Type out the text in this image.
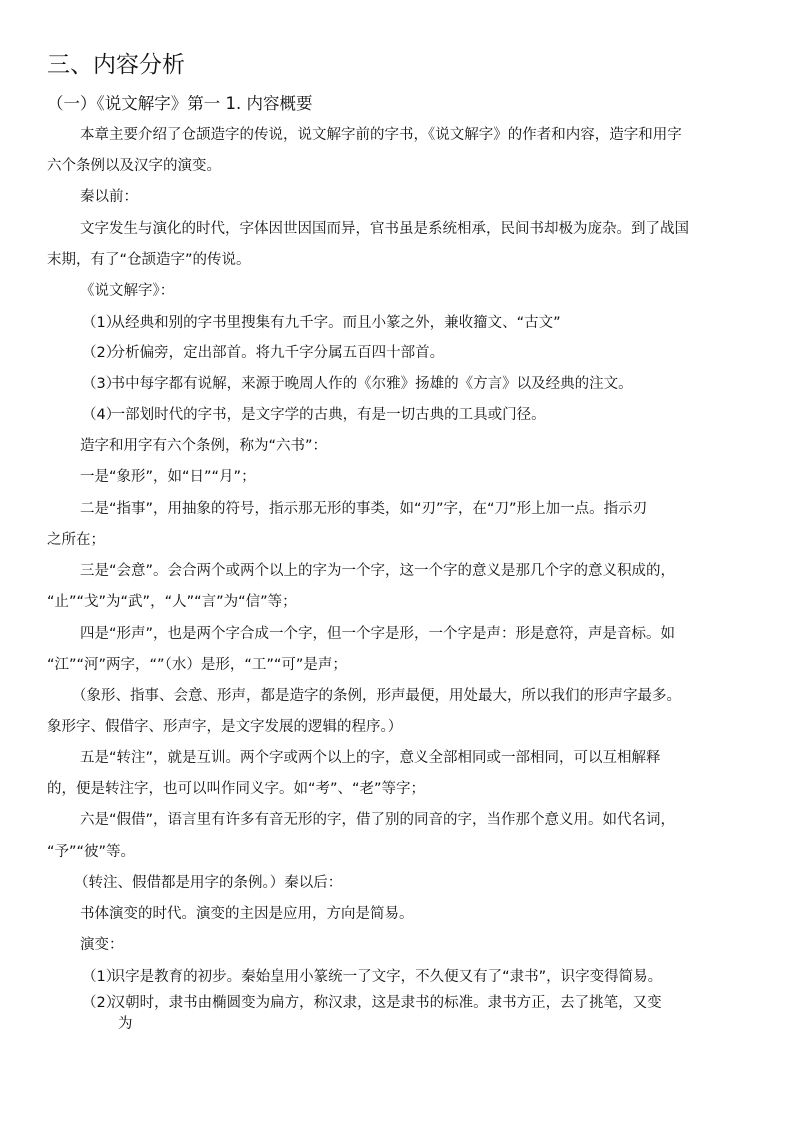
三、内容分析
（一）《说文解字》第一 1. 内容概要
本章主要介绍了仓颉造字的传说，说文解字前的字书，《说文解字》的作者和内容，造字和用字
六个条例以及汉字的演变。
秦以前：
文字发生与演化的时代，字体因世因国而异，官书虽是系统相承，民间书却极为庞杂。到了战国
末期，有了“仓颉造字”的传说。
《说文解字》：
（1） 从经典和别的字书里搜集有九千字。而且小篆之外，兼收籀文、“古文”
（2） 分析偏旁，定出部首。将九千字分属五百四十部首。
（3） 书中每字都有说解，来源于晚周人作的《尔雅》扬雄的《方言》以及经典的注文。
（4） 一部划时代的字书，是文字学的古典，有是一切古典的工具或门径。
造字和用字有六个条例，称为“六书”：
一是“象形”，如“日”“月”；
二是“指事”，用抽象的符号，指示那无形的事类，如“刃”字，在“刀”形上加一点。指示刃
之所在；
三是“会意”。会合两个或两个以上的字为一个字，这一个字的意义是那几个字的意义积成的，
“止”“戈”为“武”，“人”“言”为“信”等；
四是“形声”，也是两个字合成一个字，但一个字是形，一个字是声：形是意符，声是音标。如
“江”“河”两字，“”（水）是形，“工”“可”是声；
（象形、指事、会意、形声，都是造字的条例，形声最便，用处最大，所以我们的形声字最多。
象形字、假借字、形声字，是文字发展的逻辑的程序。）
五是“转注”，就是互训。两个字或两个以上的字，意义全部相同或一部相同，可以互相解释
的，便是转注字，也可以叫作同义字。如“考”、“老”等字；
六是“假借”，语言里有许多有音无形的字，借了别的同音的字，当作那个意义用。如代名词，
“予”“彼”等。
（转注、假借都是用字的条例。）秦以后：
书体演变的时代。演变的主因是应用，方向是简易。
演变：
（1） 识字是教育的初步。秦始皇用小篆统一了文字，不久便又有了“隶书”，识字变得简易。
（2） 汉朝时，隶书由椭圆变为扁方，称汉隶，这是隶书的标准。隶书方正，去了挑笔，又变
为
